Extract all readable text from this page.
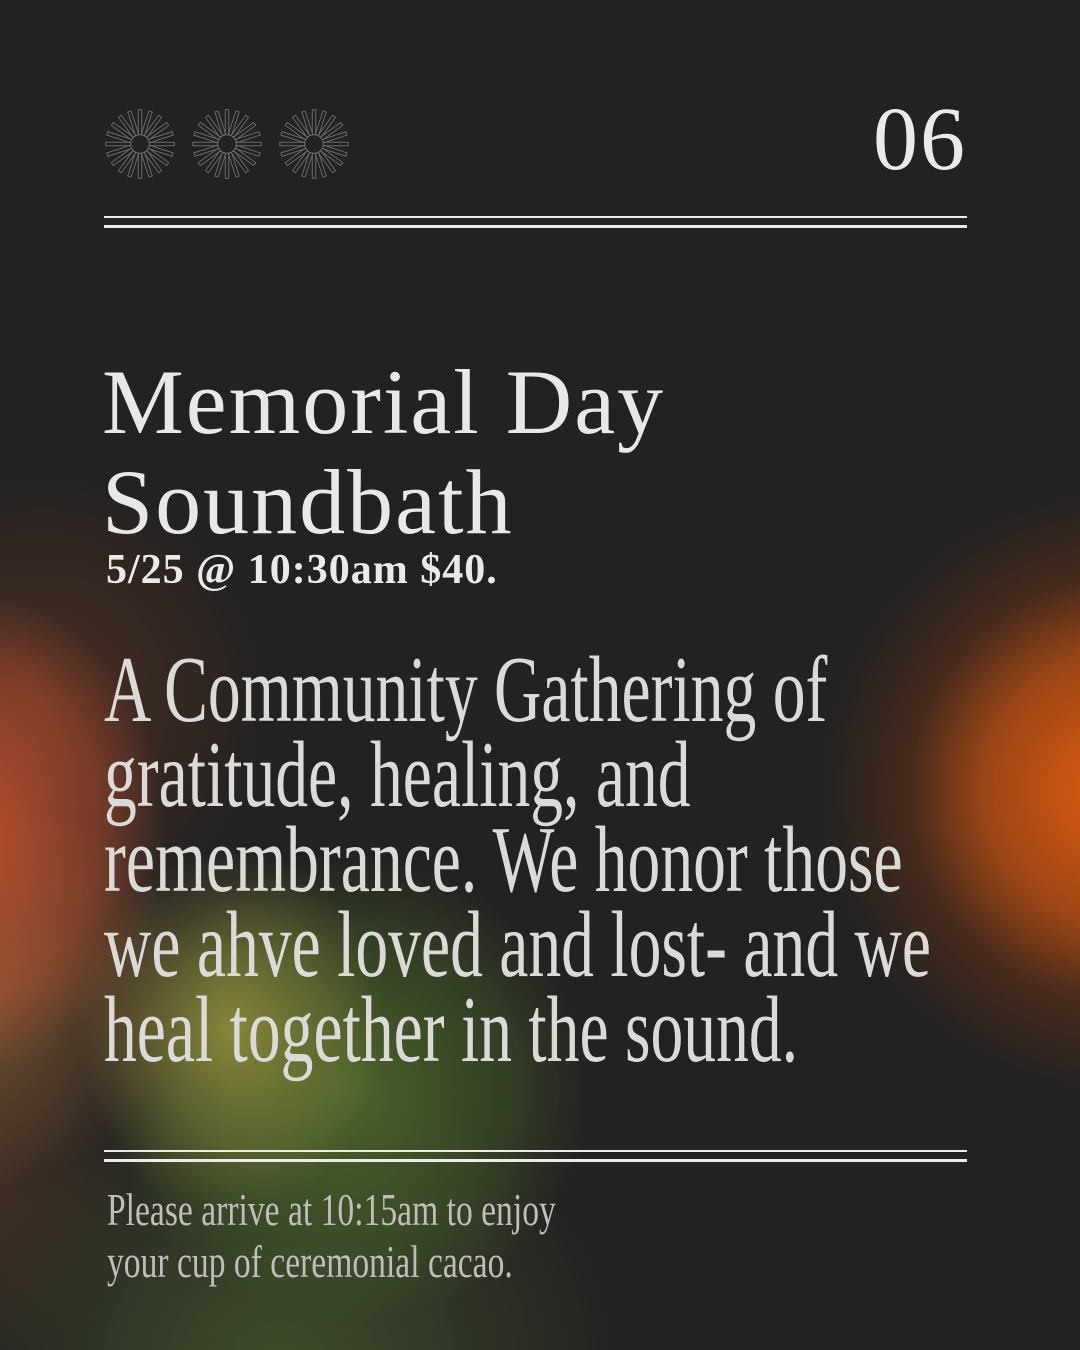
06
Memorial Day
Soundbath
5/25 @ 10:30am $40.
A Community Gathering of
gratitude, healing, and
remembrance. We honor those
we ahve loved and lost- and we
heal together in the sound.
Please arrive at 10:15am to enjoy
your cup of ceremonial cacao.
